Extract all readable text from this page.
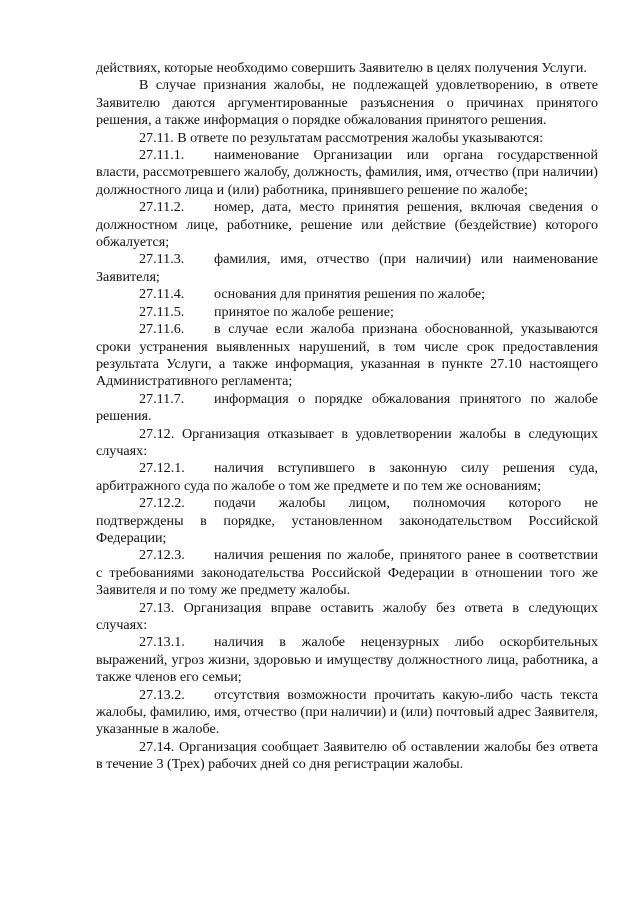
действиях, которые необходимо совершить Заявителю в целях получения Услуги.

В случае признания жалобы, не подлежащей удовлетворению, в ответе Заявителю даются аргументированные разъяснения о причинах принятого решения, а также информация о порядке обжалования принятого решения.

27.11. В ответе по результатам рассмотрения жалобы указываются:

27.11.1.	наименование Организации или органа государственной

власти, рассмотревшего жалобу, должность, фамилия, имя, отчество (при наличии) должностного лица и (или) работника, принявшего решение по жалобе;

27.11.2.	номер, дата, место принятия решения, включая сведения о

должностном лице, работнике, решение или действие (бездействие) которого обжалуется;

27.11.3.	фамилия, имя, отчество (при наличии) или наименование

Заявителя;

27.11.4.	основания для принятия решения по жалобе;
27.11.5.	принятое по жалобе решение;
27.11.6.	в случае если жалоба признана обоснованной, указываются

сроки устранения выявленных нарушений, в том числе срок предоставления результата Услуги, а также информация, указанная в пункте 27.10 настоящего Административного регламента;

27.11.7.	информация о порядке обжалования принятого по жалобе

решения.

27.12. Организация отказывает в удовлетворении жалобы в следующих случаях:

27.12.1.	наличия вступившего в законную силу решения суда,

арбитражного суда по жалобе о том же предмете и по тем же основаниям;

27.12.2.	подачи жалобы лицом, полномочия которого не

подтверждены в порядке, установленном законодательством Российской Федерации;

27.12.3.	наличия решения по жалобе, принятого ранее в соответствии

с требованиями законодательства Российской Федерации в отношении того же Заявителя и по тому же предмету жалобы.

27.13. Организация вправе оставить жалобу без ответа в следующих случаях:

27.13.1.	наличия в жалобе нецензурных либо оскорбительных

выражений, угроз жизни, здоровью и имуществу должностного лица, работника, а также членов его семьи;

27.13.2.	отсутствия возможности прочитать какую-либо часть текста

жалобы, фамилию, имя, отчество (при наличии) и (или) почтовый адрес Заявителя, указанные в жалобе.

27.14. Организация сообщает Заявителю об оставлении жалобы без ответа в течение 3 (Трех) рабочих дней со дня регистрации жалобы.
